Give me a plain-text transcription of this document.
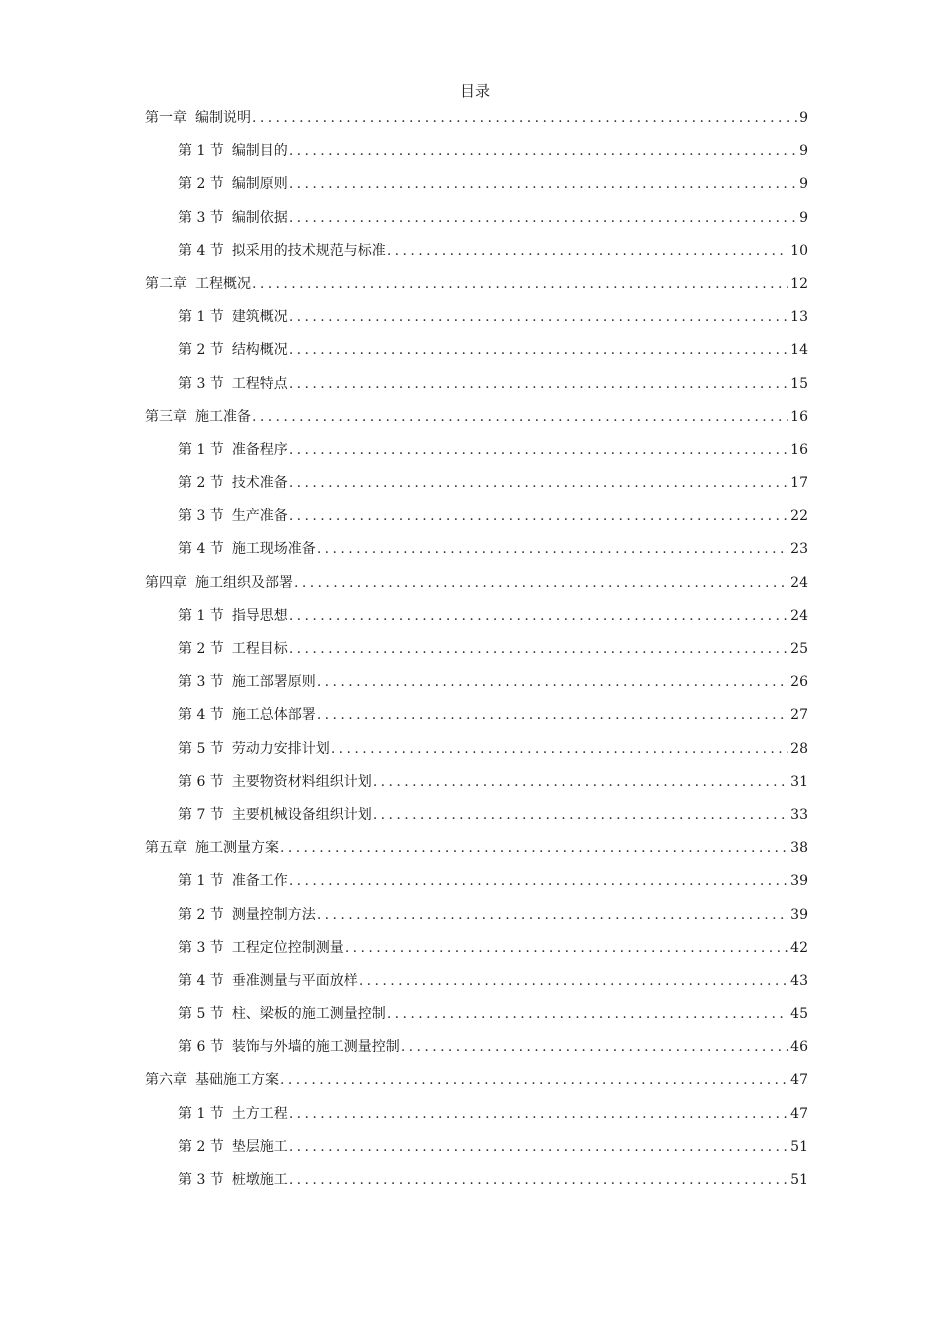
目录
第一章 编制说明 .....	9
第 1 节 编制目的 .....	9
第 2 节 编制原则 .....	9
第 3 节 编制依据 .....	9
第 4 节 拟采用的技术规范与标准 .....	10
第二章 工程概况 .....	12
第 1 节 建筑概况 .....	13
第 2 节 结构概况 .....	14
第 3 节 工程特点 .....	15
第三章 施工准备 .....	16
第 1 节 准备程序 .....	16
第 2 节 技术准备 .....	17
第 3 节 生产准备 .....	22
第 4 节 施工现场准备 .....	23
第四章 施工组织及部署 .....	24
第 1 节 指导思想 .....	24
第 2 节 工程目标 .....	25
第 3 节 施工部署原则 .....	26
第 4 节 施工总体部署 .....	27
第 5 节 劳动力安排计划 .....	28
第 6 节 主要物资材料组织计划 .....	31
第 7 节 主要机械设备组织计划 .....	33
第五章 施工测量方案 .....	38
第 1 节 准备工作 .....	39
第 2 节 测量控制方法 .....	39
第 3 节 工程定位控制测量 .....	42
第 4 节 垂准测量与平面放样 .....	43
第 5 节 柱、梁板的施工测量控制 .....	45
第 6 节 装饰与外墙的施工测量控制 .....	46
第六章 基础施工方案 .....	47
第 1 节 土方工程 .....	47
第 2 节 垫层施工 .....	51
第 3 节 桩墩施工 .....	51
